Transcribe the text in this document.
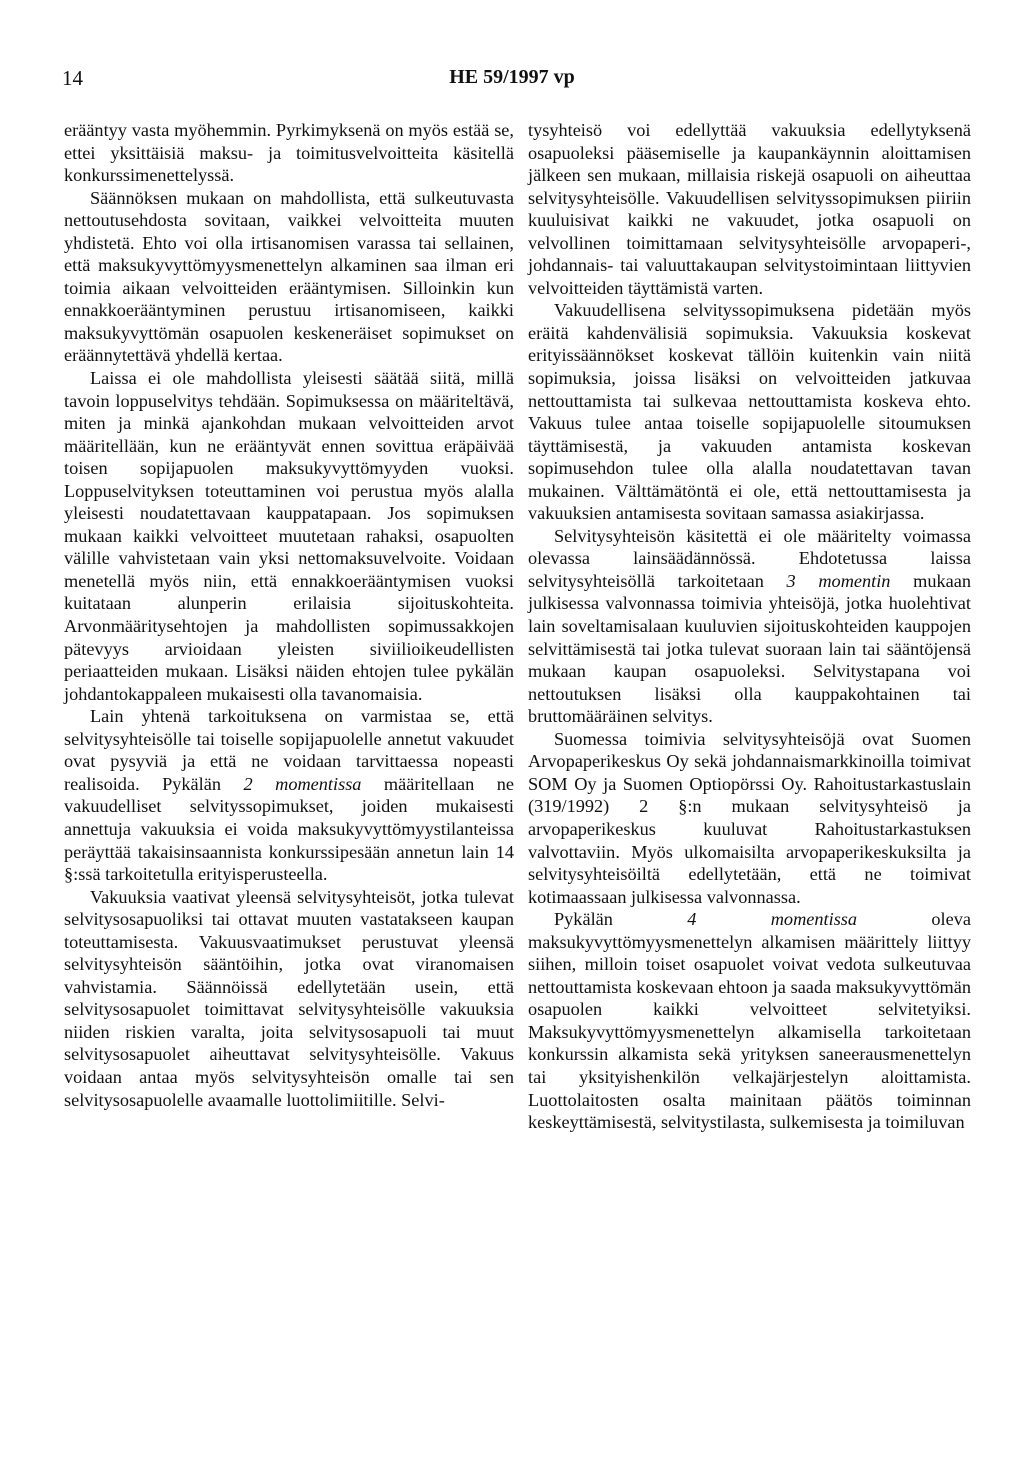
14	HE 59/1997 vp

erääntyy vasta myöhemmin. Pyrkimyksenä on myös estää se, ettei yksittäisiä maksu- ja toimitusvelvoitteita käsitellä konkurssimenettelyssä.

Säännöksen mukaan on mahdollista, että sulkeutuvasta nettoutusehdosta sovitaan, vaikkei velvoitteita muuten yhdistetä. Ehto voi olla irtisanomisen varassa tai sellainen, että maksukyvyttömyysmenettelyn alkaminen saa ilman eri toimia aikaan velvoitteiden erääntymisen. Silloinkin kun ennakkoerääntyminen perustuu irtisanomiseen, kaikki maksukyvyttömän osapuolen keskeneräiset sopimukset on eräännytettävä yhdellä kertaa.

Laissa ei ole mahdollista yleisesti säätää siitä, millä tavoin loppuselvitys tehdään. Sopimuksessa on määriteltävä, miten ja minkä ajankohdan mukaan velvoitteiden arvot määritellään, kun ne erääntyvät ennen sovittua eräpäivää toisen sopijapuolen maksukyvyttömyyden vuoksi. Loppuselvityksen toteuttaminen voi perustua myös alalla yleisesti noudatettavaan kauppatapaan. Jos sopimuksen mukaan kaikki velvoitteet muutetaan rahaksi, osapuolten välille vahvistetaan vain yksi nettomaksuvelvoite. Voidaan menetellä myös niin, että ennakkoerääntymisen vuoksi kuitataan alunperin erilaisia sijoituskohteita. Arvonmääritysehtojen ja mahdollisten sopimussakkojen pätevyys arvioidaan yleisten siviilioikeudellisten periaatteiden mukaan. Lisäksi näiden ehtojen tulee pykälän johdantokappaleen mukaisesti olla tavanomaisia.

Lain yhtenä tarkoituksena on varmistaa se, että selvitysyhteisölle tai toiselle sopijapuolelle annetut vakuudet ovat pysyviä ja että ne voidaan tarvittaessa nopeasti realisoida. Pykälän 2 momentissa määritellaan ne vakuudelliset selvityssopimukset, joiden mukaisesti annettuja vakuuksia ei voida maksukyvyttömyystilanteissa peräyttää takaisinsaannista konkurssipesään annetun lain 14 §:ssä tarkoitetulla erityisperusteella.

Vakuuksia vaativat yleensä selvitysyhteisöt, jotka tulevat selvitysosapuoliksi tai ottavat muuten vastatakseen kaupan toteuttamisesta. Vakuusvaatimukset perustuvat yleensä selvitysyhteisön sääntöihin, jotka ovat viranomaisen vahvistamia. Säännöissä edellytetään usein, että selvitysosapuolet toimittavat selvitysyhteisölle vakuuksia niiden riskien varalta, joita selvitysosapuoli tai muut selvitysosapuolet aiheuttavat selvitysyhteisölle. Vakuus voidaan antaa myös selvitysyhteisön omalle tai sen selvitysosapuolelle avaamalle luottolimiitille. Selvi-

tysyhteisö voi edellyttää vakuuksia edellytyksenä osapuoleksi pääsemiselle ja kaupankäynnin aloittamisen jälkeen sen mukaan, millaisia riskejä osapuoli on aiheuttaa selvitysyhteisölle. Vakuudellisen selvityssopimuksen piiriin kuuluisivat kaikki ne vakuudet, jotka osapuoli on velvollinen toimittamaan selvitysyhteisölle arvopaperi-, johdannais- tai valuuttakaupan selvitystoimintaan liittyvien velvoitteiden täyttämistä varten.

Vakuudellisena selvityssopimuksena pidetään myös eräitä kahdenvälisiä sopimuksia. Vakuuksia koskevat erityissäännökset koskevat tällöin kuitenkin vain niitä sopimuksia, joissa lisäksi on velvoitteiden jatkuvaa nettouttamista tai sulkevaa nettouttamista koskeva ehto. Vakuus tulee antaa toiselle sopijapuolelle sitoumuksen täyttämisestä, ja vakuuden antamista koskevan sopimusehdon tulee olla alalla noudatettavan tavan mukainen. Välttämätöntä ei ole, että nettouttamisesta ja vakuuksien antamisesta sovitaan samassa asiakirjassa.

Selvitysyhteisön käsitettä ei ole määritelty voimassa olevassa lainsäädännössä. Ehdotetussa laissa selvitysyhteisöllä tarkoitetaan 3 momentin mukaan julkisessa valvonnassa toimivia yhteisöjä, jotka huolehtivat lain soveltamisalaan kuuluvien sijoituskohteiden kauppojen selvittämisestä tai jotka tulevat suoraan lain tai sääntöjensä mukaan kaupan osapuoleksi. Selvitystapana voi nettoutuksen lisäksi olla kauppakohtainen tai bruttomääräinen selvitys.

Suomessa toimivia selvitysyhteisöjä ovat Suomen Arvopaperikeskus Oy sekä johdannaismarkkinoilla toimivat SOM Oy ja Suomen Optiopörssi Oy. Rahoitustarkastuslain (319/1992) 2 §:n mukaan selvitysyhteisö ja arvopaperikeskus kuuluvat Rahoitustarkastuksen valvottaviin. Myös ulkomaisilta arvopaperikeskuksilta ja selvitysyhteisöiltä edellytetään, että ne toimivat kotimaassaan julkisessa valvonnassa.

Pykälän 4 momentissa oleva maksukyvyttömyysmenettelyn alkamisen määrittely liittyy siihen, milloin toiset osapuolet voivat vedota sulkeutuvaa nettouttamista koskevaan ehtoon ja saada maksukyvyttömän osapuolen kaikki velvoitteet selvitetyiksi. Maksukyvyttömyysmenettelyn alkamisella tarkoitetaan konkurssin alkamista sekä yrityksen saneerausmenettelyn tai yksityishenkilön velkajärjestelyn aloittamista. Luottolaitosten osalta mainitaan päätös toiminnan keskeyttämisestä, selvitystilasta, sulkemisesta ja toimiluvan
